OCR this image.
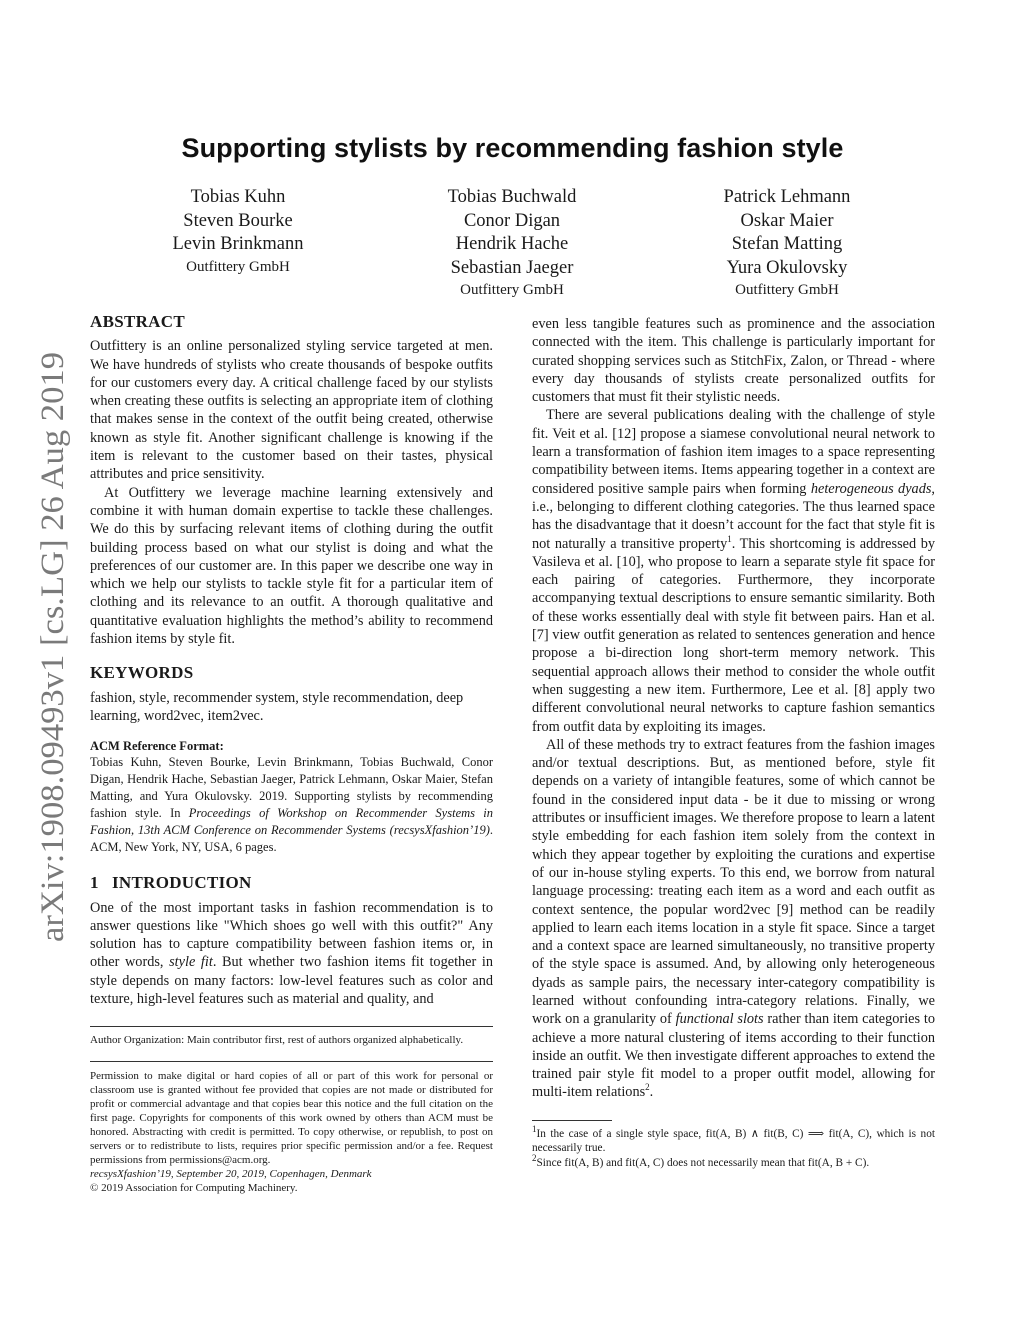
arXiv:1908.09493v1 [cs.LG] 26 Aug 2019
Supporting stylists by recommending fashion style
Tobias Kuhn
Steven Bourke
Levin Brinkmann
Outfittery GmbH
Tobias Buchwald
Conor Digan
Hendrik Hache
Sebastian Jaeger
Outfittery GmbH
Patrick Lehmann
Oskar Maier
Stefan Matting
Yura Okulovsky
Outfittery GmbH
ABSTRACT

Outfittery is an online personalized styling service targeted at men. We have hundreds of stylists who create thousands of bespoke outfits for our customers every day. A critical challenge faced by our stylists when creating these outfits is selecting an appropriate item of clothing that makes sense in the context of the outfit being created, otherwise known as style fit. Another significant challenge is knowing if the item is relevant to the customer based on their tastes, physical attributes and price sensitivity.

At Outfittery we leverage machine learning extensively and combine it with human domain expertise to tackle these challenges. We do this by surfacing relevant items of clothing during the outfit building process based on what our stylist is doing and what the preferences of our customer are. In this paper we describe one way in which we help our stylists to tackle style fit for a particular item of clothing and its relevance to an outfit. A thorough qualitative and quantitative evaluation highlights the method’s ability to recommend fashion items by style fit.

KEYWORDS

fashion, style, recommender system, style recommendation, deep learning, word2vec, item2vec.

ACM Reference Format:

Tobias Kuhn, Steven Bourke, Levin Brinkmann, Tobias Buchwald, Conor Digan, Hendrik Hache, Sebastian Jaeger, Patrick Lehmann, Oskar Maier, Stefan Matting, and Yura Okulovsky. 2019. Supporting stylists by recommending fashion style. In Proceedings of Workshop on Recommender Systems in Fashion, 13th ACM Conference on Recommender Systems (recsysXfashion’19). ACM, New York, NY, USA, 6 pages.

1 INTRODUCTION

One of the most important tasks in fashion recommendation is to answer questions like "Which shoes go well with this outfit?" Any solution has to capture compatibility between fashion items or, in other words, style fit. But whether two fashion items fit together in style depends on many factors: low-level features such as color and texture, high-level features such as material and quality, and

Author Organization: Main contributor first, rest of authors organized alphabetically.

Permission to make digital or hard copies of all or part of this work for personal or classroom use is granted without fee provided that copies are not made or distributed for profit or commercial advantage and that copies bear this notice and the full citation on the first page. Copyrights for components of this work owned by others than ACM must be honored. Abstracting with credit is permitted. To copy otherwise, or republish, to post on servers or to redistribute to lists, requires prior specific permission and/or a fee. Request permissions from permissions@acm.org.

recsysXfashion’19, September 20, 2019, Copenhagen, Denmark

© 2019 Association for Computing Machinery.

even less tangible features such as prominence and the association connected with the item. This challenge is particularly important for curated shopping services such as StitchFix, Zalon, or Thread - where every day thousands of stylists create personalized outfits for customers that must fit their stylistic needs.

There are several publications dealing with the challenge of style fit. Veit et al. [12] propose a siamese convolutional neural network to learn a transformation of fashion item images to a space representing compatibility between items. Items appearing together in a context are considered positive sample pairs when forming heterogeneous dyads, i.e., belonging to different clothing categories. The thus learned space has the disadvantage that it doesn’t account for the fact that style fit is not naturally a transitive property$^1$. This shortcoming is addressed by Vasileva et al. [10], who propose to learn a separate style fit space for each pairing of categories. Furthermore, they incorporate accompanying textual descriptions to ensure semantic similarity. Both of these works essentially deal with style fit between pairs. Han et al. [7] view outfit generation as related to sentences generation and hence propose a bi-direction long short-term memory network. This sequential approach allows their method to consider the whole outfit when suggesting a new item. Furthermore, Lee et al. [8] apply two different convolutional neural networks to capture fashion semantics from outfit data by exploiting its images.

All of these methods try to extract features from the fashion images and/or textual descriptions. But, as mentioned before, style fit depends on a variety of intangible features, some of which cannot be found in the considered input data - be it due to missing or wrong attributes or insufficient images. We therefore propose to learn a latent style embedding for each fashion item solely from the context in which they appear together by exploiting the curations and expertise of our in-house styling experts. To this end, we borrow from natural language processing: treating each item as a word and each outfit as context sentence, the popular word2vec [9] method can be readily applied to learn each items location in a style fit space. Since a target and a context space are learned simultaneously, no transitive property of the style space is assumed. And, by allowing only heterogeneous dyads as sample pairs, the necessary inter-category compatibility is learned without confounding intra-category relations. Finally, we work on a granularity of functional slots rather than item categories to achieve a more natural clustering of items according to their function inside an outfit. We then investigate different approaches to extend the trained pair style fit model to a proper outfit model, allowing for multi-item relations$^2$.

$^1$In the case of a single style space, fit(A, B) ∧ fit(B, C) ⟹ fit(A, C), which is not necessarily true.

$^2$Since fit(A, B) and fit(A, C) does not necessarily mean that fit(A, B + C).
